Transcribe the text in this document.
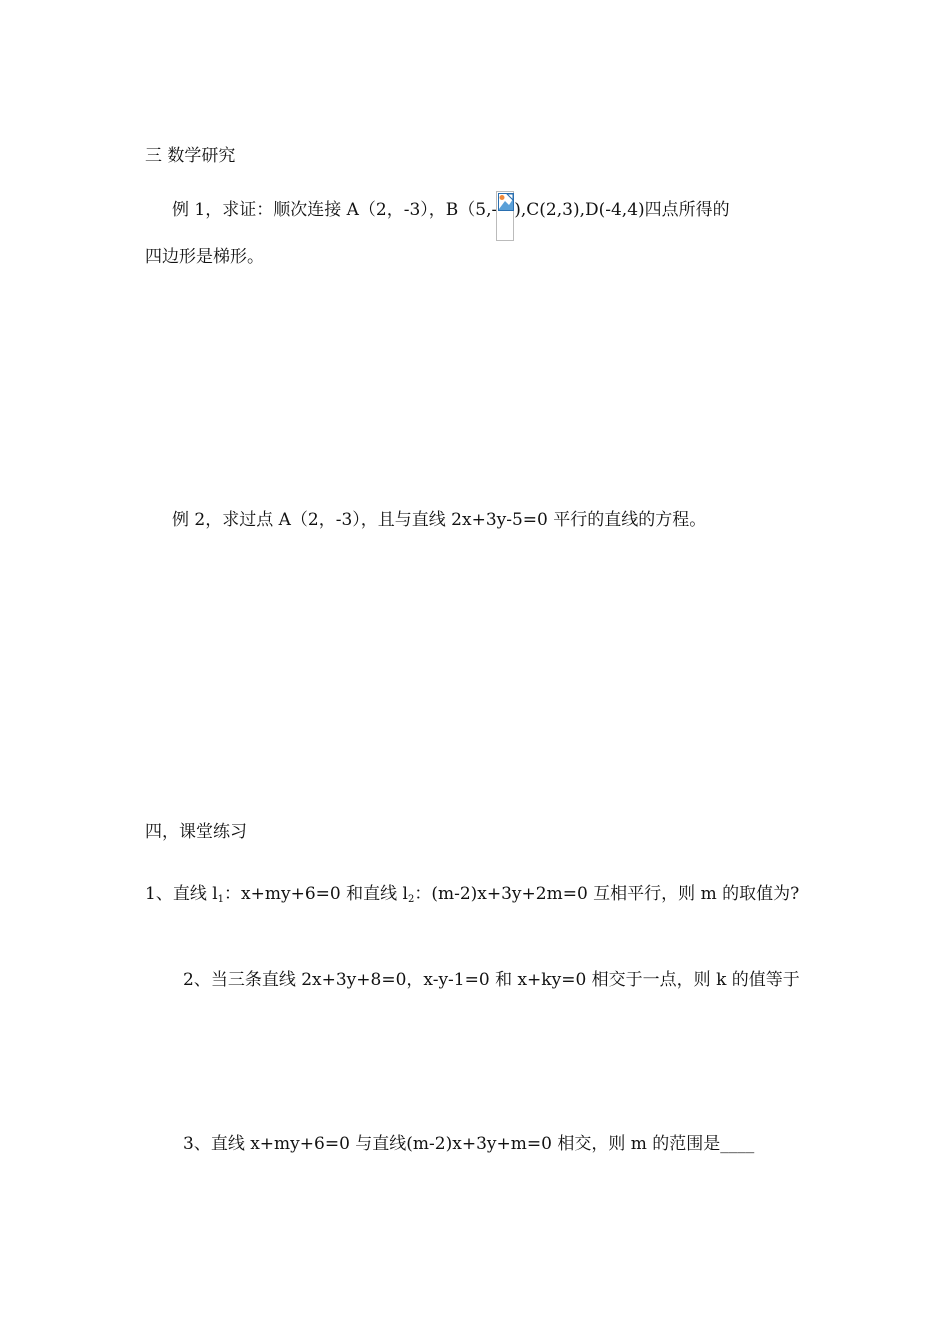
三 数学研究
例 1，求证：顺次连接 A（2，-3），B（5,- ),C(2,3),D(-4,4)四点所得的
四边形是梯形。
例 2，求过点 A（2，-3），且与直线 2x+3y-5=0 平行的直线的方程。
四，课堂练习
1、直线 $l_1$：x+my+6=0 和直线 $l_2$：(m-2)x+3y+2m=0 互相平行，则 m 的取值为?
2、当三条直线 2x+3y+8=0，x-y-1=0 和 x+ky=0 相交于一点，则 k 的值等于
3、直线 x+my+6=0 与直线(m-2)x+3y+m=0 相交，则 m 的范围是____
